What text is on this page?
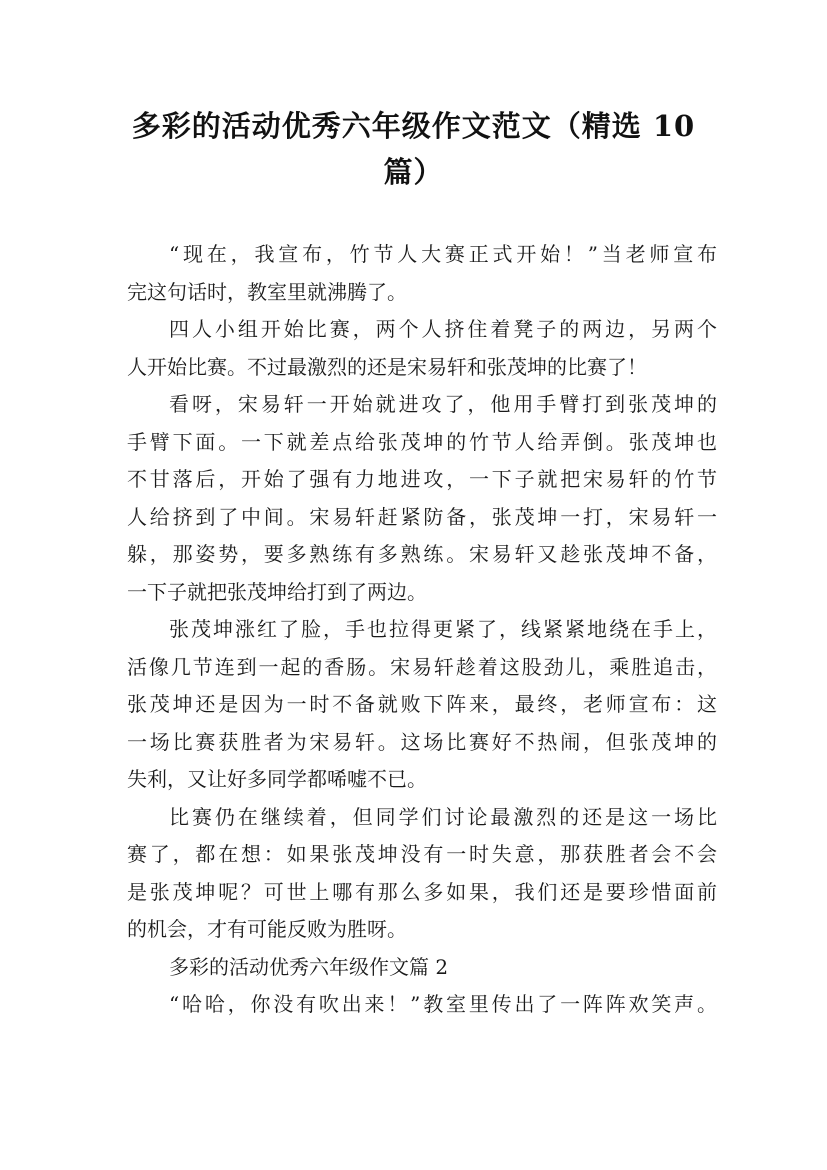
多彩的活动优秀六年级作文范文（精选 10
篇）
“现在，我宣布，竹节人大赛正式开始！”当老师宣布
完这句话时，教室里就沸腾了。
四人小组开始比赛，两个人挤住着凳子的两边，另两个
人开始比赛。不过最激烈的还是宋易轩和张茂坤的比赛了！
看呀，宋易轩一开始就进攻了，他用手臂打到张茂坤的
手臂下面。一下就差点给张茂坤的竹节人给弄倒。张茂坤也
不甘落后，开始了强有力地进攻，一下子就把宋易轩的竹节
人给挤到了中间。宋易轩赶紧防备，张茂坤一打，宋易轩一
躲，那姿势，要多熟练有多熟练。宋易轩又趁张茂坤不备，
一下子就把张茂坤给打到了两边。
张茂坤涨红了脸，手也拉得更紧了，线紧紧地绕在手上，
活像几节连到一起的香肠。宋易轩趁着这股劲儿，乘胜追击，
张茂坤还是因为一时不备就败下阵来，最终，老师宣布：这
一场比赛获胜者为宋易轩。这场比赛好不热闹，但张茂坤的
失利，又让好多同学都唏嘘不已。
比赛仍在继续着，但同学们讨论最激烈的还是这一场比
赛了，都在想：如果张茂坤没有一时失意，那获胜者会不会
是张茂坤呢？可世上哪有那么多如果，我们还是要珍惜面前
的机会，才有可能反败为胜呀。
多彩的活动优秀六年级作文篇 2
“哈哈，你没有吹出来！”教室里传出了一阵阵欢笑声。
